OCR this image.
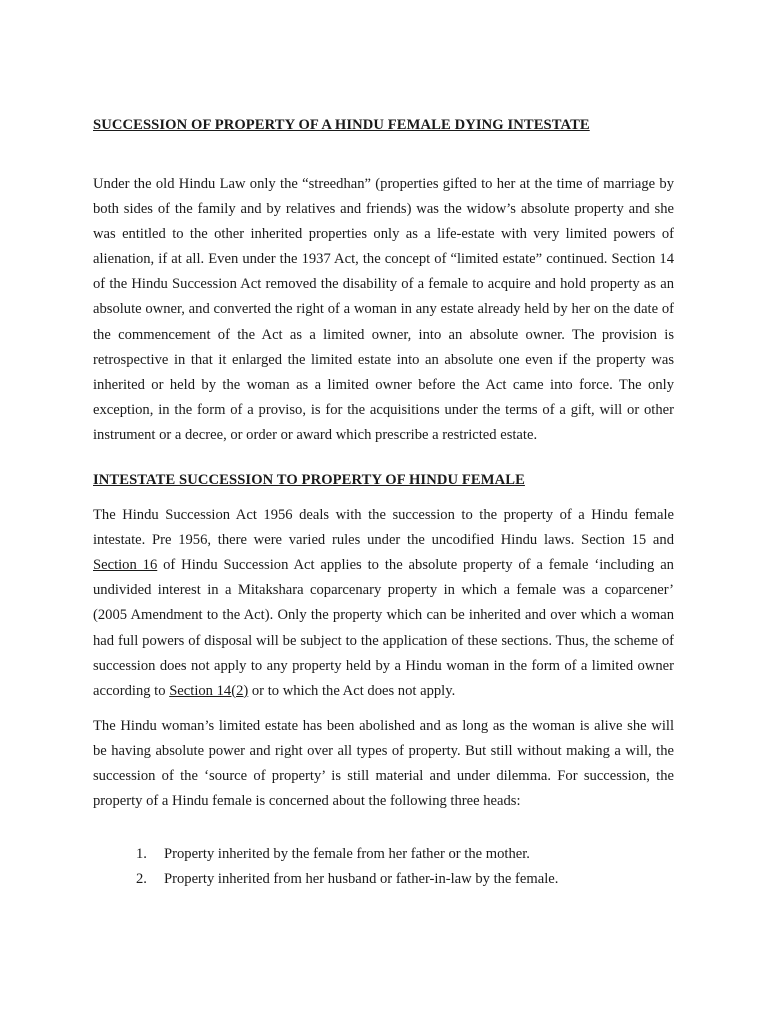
SUCCESSION OF PROPERTY OF A HINDU FEMALE DYING INTESTATE

Under the old Hindu Law only the “streedhan” (properties gifted to her at the time of marriage by both sides of the family and by relatives and friends) was the widow’s absolute property and she was entitled to the other inherited properties only as a life-estate with very limited powers of alienation, if at all. Even under the 1937 Act, the concept of “limited estate” continued. Section 14 of the Hindu Succession Act removed the disability of a female to acquire and hold property as an absolute owner, and converted the right of a woman in any estate already held by her on the date of the commencement of the Act as a limited owner, into an absolute owner. The provision is retrospective in that it enlarged the limited estate into an absolute one even if the property was inherited or held by the woman as a limited owner before the Act came into force. The only exception, in the form of a proviso, is for the acquisitions under the terms of a gift, will or other instrument or a decree, or order or award which prescribe a restricted estate.

INTESTATE SUCCESSION TO PROPERTY OF HINDU FEMALE

The Hindu Succession Act 1956 deals with the succession to the property of a Hindu female intestate. Pre 1956, there were varied rules under the uncodified Hindu laws. Section 15 and Section 16 of Hindu Succession Act applies to the absolute property of a female ‘including an undivided interest in a Mitakshara coparcenary property in which a female was a coparcener’ (2005 Amendment to the Act). Only the property which can be inherited and over which a woman had full powers of disposal will be subject to the application of these sections. Thus, the scheme of succession does not apply to any property held by a Hindu woman in the form of a limited owner according to Section 14(2) or to which the Act does not apply.

The Hindu woman’s limited estate has been abolished and as long as the woman is alive she will be having absolute power and right over all types of property. But still without making a will, the succession of the ‘source of property’ is still material and under dilemma. For succession, the property of a Hindu female is concerned about the following three heads:

1.	Property inherited by the female from her father or the mother.
2.	Property inherited from her husband or father-in-law by the female.
